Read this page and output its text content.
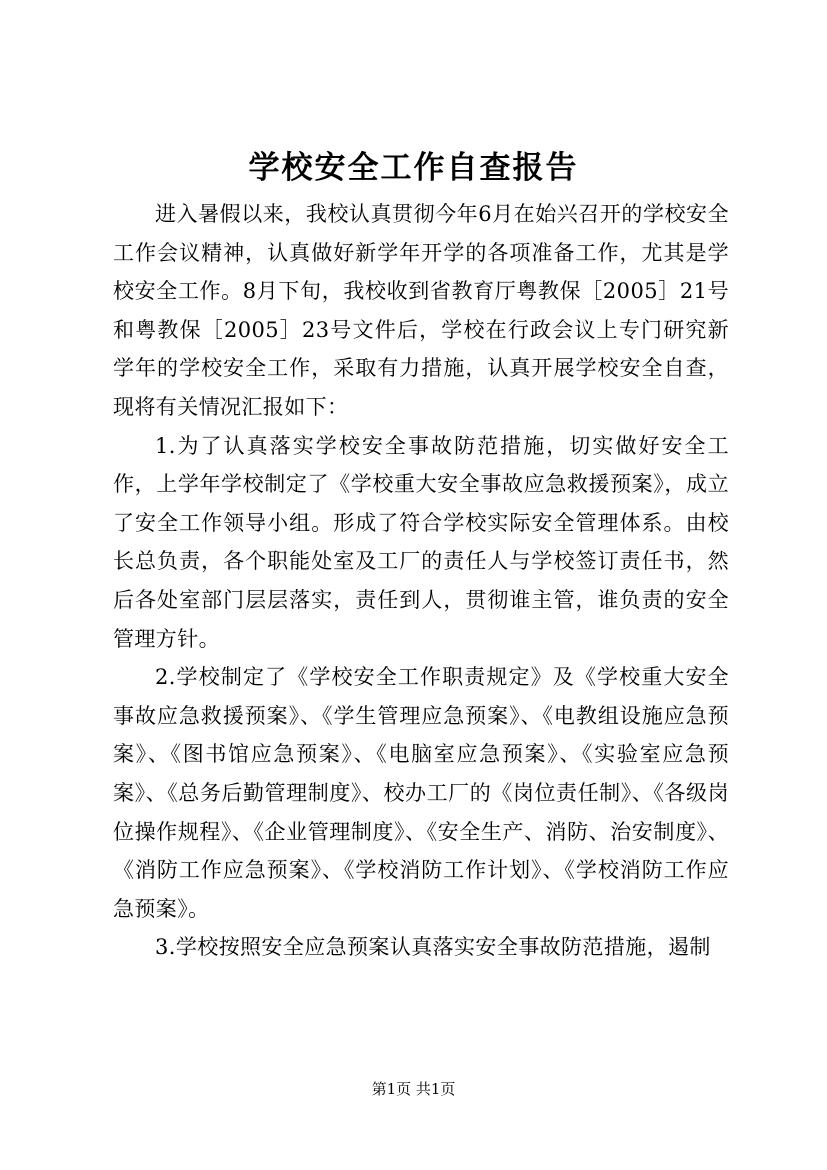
学校安全工作自查报告

进入暑假以来，我校认真贯彻今年6月在始兴召开的学校安全工作会议精神，认真做好新学年开学的各项准备工作，尤其是学校安全工作。8月下旬，我校收到省教育厅粤教保［2005］21号和粤教保［2005］23号文件后，学校在行政会议上专门研究新学年的学校安全工作，采取有力措施，认真开展学校安全自查，现将有关情况汇报如下：

1.为了认真落实学校安全事故防范措施，切实做好安全工作，上学年学校制定了《学校重大安全事故应急救援预案》，成立了安全工作领导小组。形成了符合学校实际安全管理体系。由校长总负责，各个职能处室及工厂的责任人与学校签订责任书，然后各处室部门层层落实，责任到人，贯彻谁主管，谁负责的安全管理方针。

2.学校制定了《学校安全工作职责规定》及《学校重大安全事故应急救援预案》、《学生管理应急预案》、《电教组设施应急预案》、《图书馆应急预案》、《电脑室应急预案》、《实验室应急预案》、《总务后勤管理制度》、校办工厂的《岗位责任制》、《各级岗位操作规程》、《企业管理制度》、《安全生产、消防、治安制度》、《消防工作应急预案》、《学校消防工作计划》、《学校消防工作应急预案》。

3.学校按照安全应急预案认真落实安全事故防范措施，遏制

第1页 共1页
